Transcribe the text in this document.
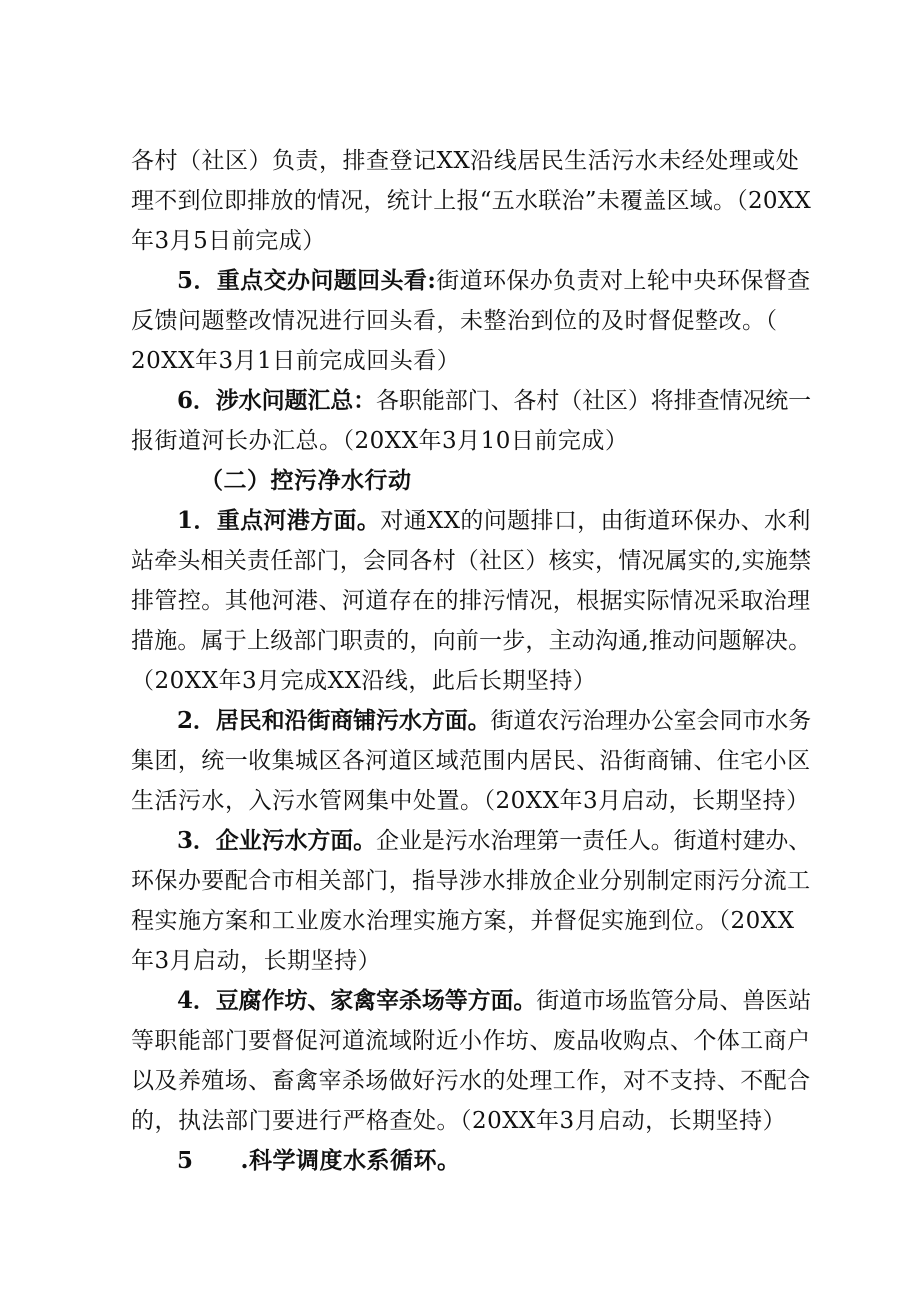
各村（社区）负责，排查登记XX沿线居民生活污水未经处理或处
理不到位即排放的情况，统计上报“五水联治”未覆盖区域。（20XX
年3月5日前完成）
5．重点交办问题回头看:街道环保办负责对上轮中央环保督查
反馈问题整改情况进行回头看，未整治到位的及时督促整改。（
20XX年3月1日前完成回头看）
6．涉水问题汇总：各职能部门、各村（社区）将排查情况统一
报街道河长办汇总。（20XX年3月10日前完成）
（二）控污净水行动
1．重点河港方面。对通XX的问题排口，由街道环保办、水利
站牵头相关责任部门，会同各村（社区）核实，情况属实的,实施禁
排管控。其他河港、河道存在的排污情况，根据实际情况采取治理
措施。属于上级部门职责的，向前一步，主动沟通,推动问题解决。
（20XX年3月完成XX沿线，此后长期坚持）
2．居民和沿街商铺污水方面。街道农污治理办公室会同市水务
集团，统一收集城区各河道区域范围内居民、沿街商铺、住宅小区
生活污水，入污水管网集中处置。（20XX年3月启动，长期坚持）
3．企业污水方面。企业是污水治理第一责任人。街道村建办、
环保办要配合市相关部门，指导涉水排放企业分别制定雨污分流工
程实施方案和工业废水治理实施方案，并督促实施到位。（20XX
年3月启动，长期坚持）
4．豆腐作坊、家禽宰杀场等方面。街道市场监管分局、兽医站
等职能部门要督促河道流域附近小作坊、废品收购点、个体工商户
以及养殖场、畜禽宰杀场做好污水的处理工作，对不支持、不配合
的，执法部门要进行严格查处。（20XX年3月启动，长期坚持）
5　　.科学调度水系循环。
